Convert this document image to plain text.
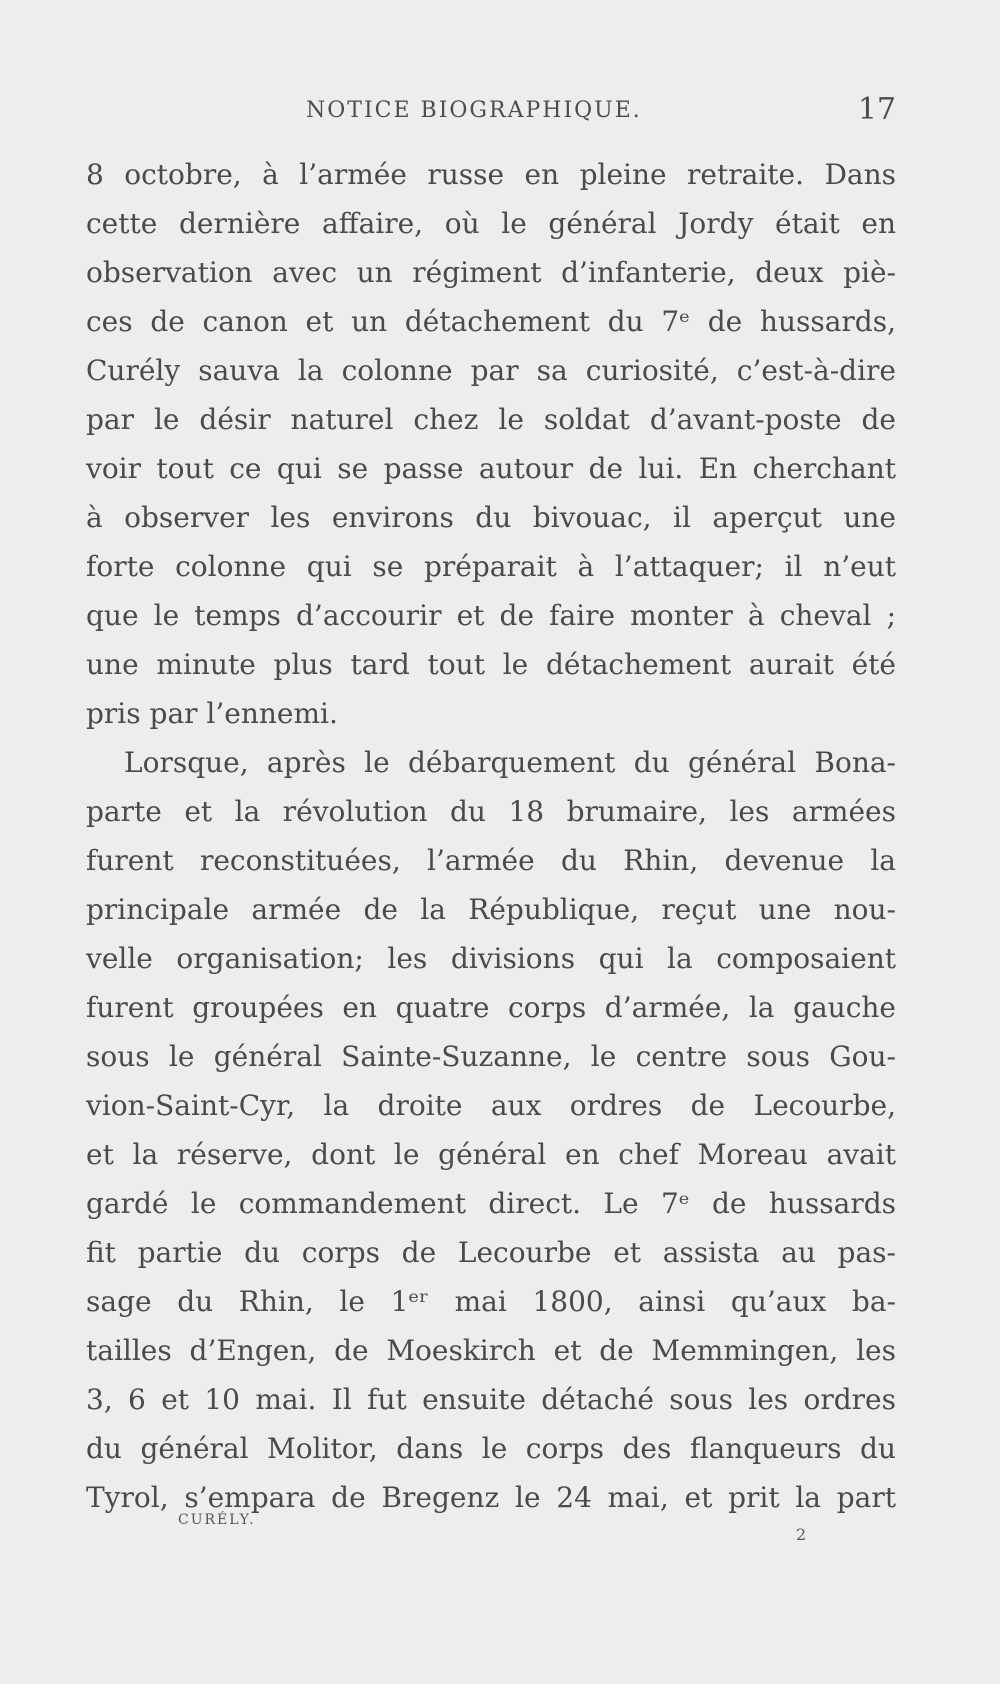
NOTICE BIOGRAPHIQUE.	17
8 octobre, à l’armée russe en pleine retraite. Dans
cette dernière affaire, où le général Jordy était en
observation avec un régiment d’infanterie, deux piè-
ces de canon et un détachement du 7ᵉ de hussards,
Curély sauva la colonne par sa curiosité, c’est-à-dire
par le désir naturel chez le soldat d’avant-poste de
voir tout ce qui se passe autour de lui. En cherchant
à observer les environs du bivouac, il aperçut une
forte colonne qui se préparait à l’attaquer; il n’eut
que le temps d’accourir et de faire monter à cheval ;
une minute plus tard tout le détachement aurait été
pris par l’ennemi.
Lorsque, après le débarquement du général Bona-
parte et la révolution du 18 brumaire, les armées
furent reconstituées, l’armée du Rhin, devenue la
principale armée de la République, reçut une nou-
velle organisation; les divisions qui la composaient
furent groupées en quatre corps d’armée, la gauche
sous le général Sainte-Suzanne, le centre sous Gou-
vion-Saint-Cyr, la droite aux ordres de Lecourbe,
et la réserve, dont le général en chef Moreau avait
gardé le commandement direct. Le 7ᵉ de hussards
fit partie du corps de Lecourbe et assista au pas-
sage du Rhin, le 1ᵉʳ mai 1800, ainsi qu’aux ba-
tailles d’Engen, de Moeskirch et de Memmingen, les
3, 6 et 10 mai. Il fut ensuite détaché sous les ordres
du général Molitor, dans le corps des flanqueurs du
Tyrol, s’empara de Bregenz le 24 mai, et prit la part
CURÉLY.
2
